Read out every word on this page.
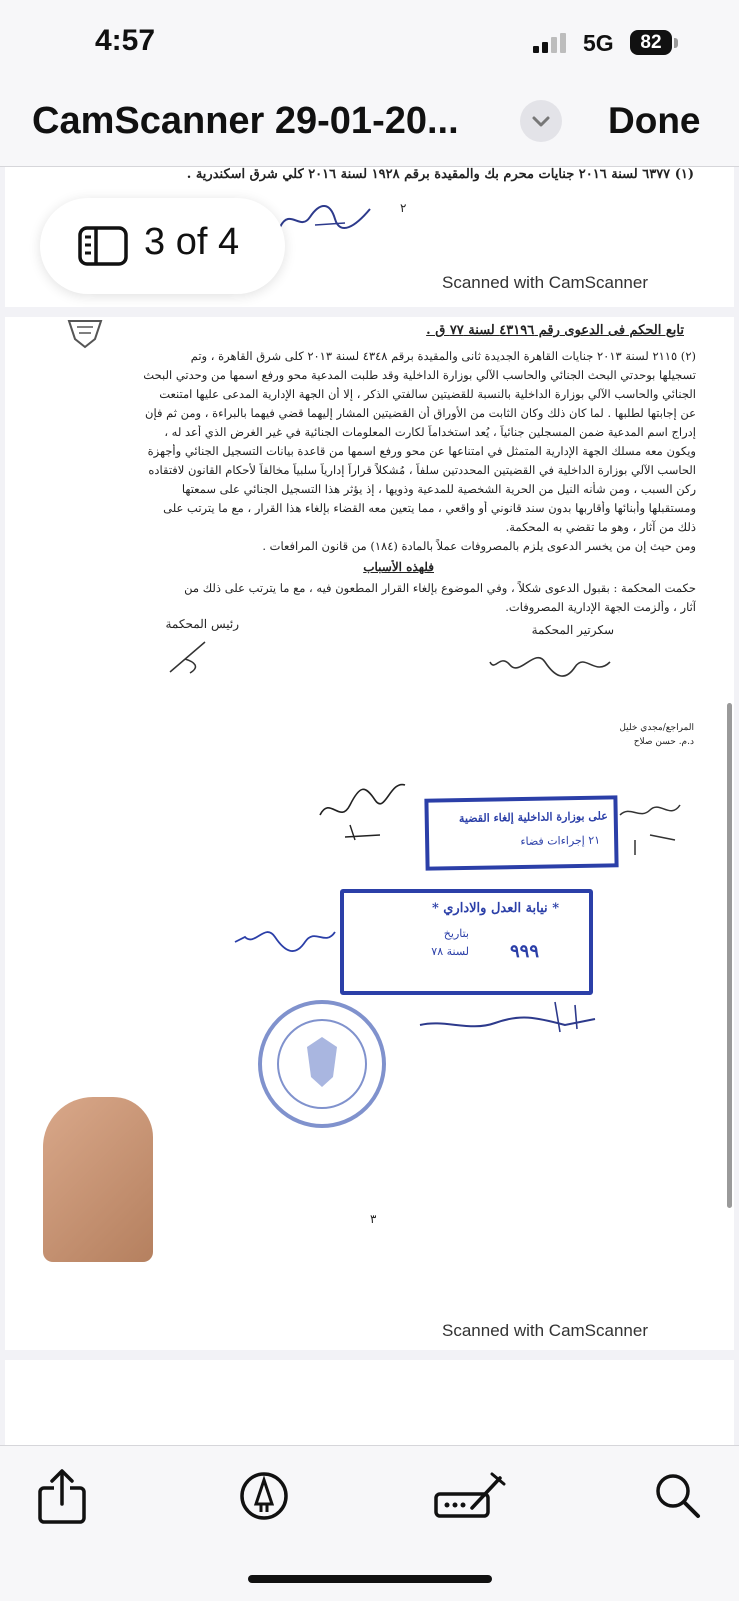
4:57	5G	82
CamScanner 29-01-20...	Done
(١) ٦٣٧٧ لسنة ٢٠١٦ جنايات محرم بك والمقيدة برقم ١٩٢٨ لسنة ٢٠١٦ كلي شرق اسكندرية .
٢
Scanned with CamScanner
3 of 4
تابع الحكم فى الدعوى رقم ٤٣١٩٦ لسنة ٧٧ ق .
(٢) ٢١١٥ لسنة ٢٠١٣ جنايات القاهرة الجديدة ثانى والمقيدة برقم ٤٣٤٨ لسنة ٢٠١٣ كلى شرق القاهرة ، وتم
تسجيلها بوحدتي البحث الجنائي والحاسب الآلي بوزارة الداخلية وقد طلبت المدعية محو ورفع اسمها من وحدتي البحث
الجنائي والحاسب الآلي بوزارة الداخلية بالنسبة للقضيتين سالفتي الذكر ، إلا أن الجهة الإدارية المدعى عليها امتنعت
عن إجابتها لطلبها . لما كان ذلك وكان الثابت من الأوراق أن القضيتين المشار إليهما قضي فيهما بالبراءة ، ومن ثم فإن
إدراج اسم المدعية ضمن المسجلين جنائياً ، يُعد استخداماً لكارت المعلومات الجنائية في غير الغرض الذي أعد له ،
ويكون معه مسلك الجهة الإدارية المتمثل في امتناعها عن محو ورفع اسمها من قاعدة بيانات التسجيل الجنائي وأجهزة
الحاسب الآلي بوزارة الداخلية في القضيتين المحددتين سلفاً ، مُشكلاً قراراً إدارياً سلبياً مخالفاً لأحكام القانون لافتقاده
ركن السبب ، ومن شأنه النيل من الحرية الشخصية للمدعية وذويها ، إذ يؤثر هذا التسجيل الجنائي على سمعتها
ومستقبلها وأبنائها وأقاربها بدون سند قانوني أو واقعي ، مما يتعين معه القضاء بإلغاء هذا القرار ، مع ما يترتب على
ذلك من آثار ، وهو ما تقضي به المحكمة.
ومن حيث إن من يخسر الدعوى يلزم بالمصروفات عملاً بالمادة (١٨٤) من قانون المرافعات .
فلهذه الأسباب
حكمت المحكمة : بقبول الدعوى شكلاً ، وفي الموضوع بإلغاء القرار المطعون فيه ، مع ما يترتب على ذلك من
آثار ، وألزمت الجهة الإدارية المصروفات.
سكرتير المحكمة
رئيس المحكمة
المراجع/مجدي خليل
د.م. حسن صلاح
على بوزارة الداخلية إلغاء القضية
٢١ إجراءات فضاء
* نيابة العدل والاداري *
بتاريخ
٩٩٩
لسنة ٧٨
٣
Scanned with CamScanner
